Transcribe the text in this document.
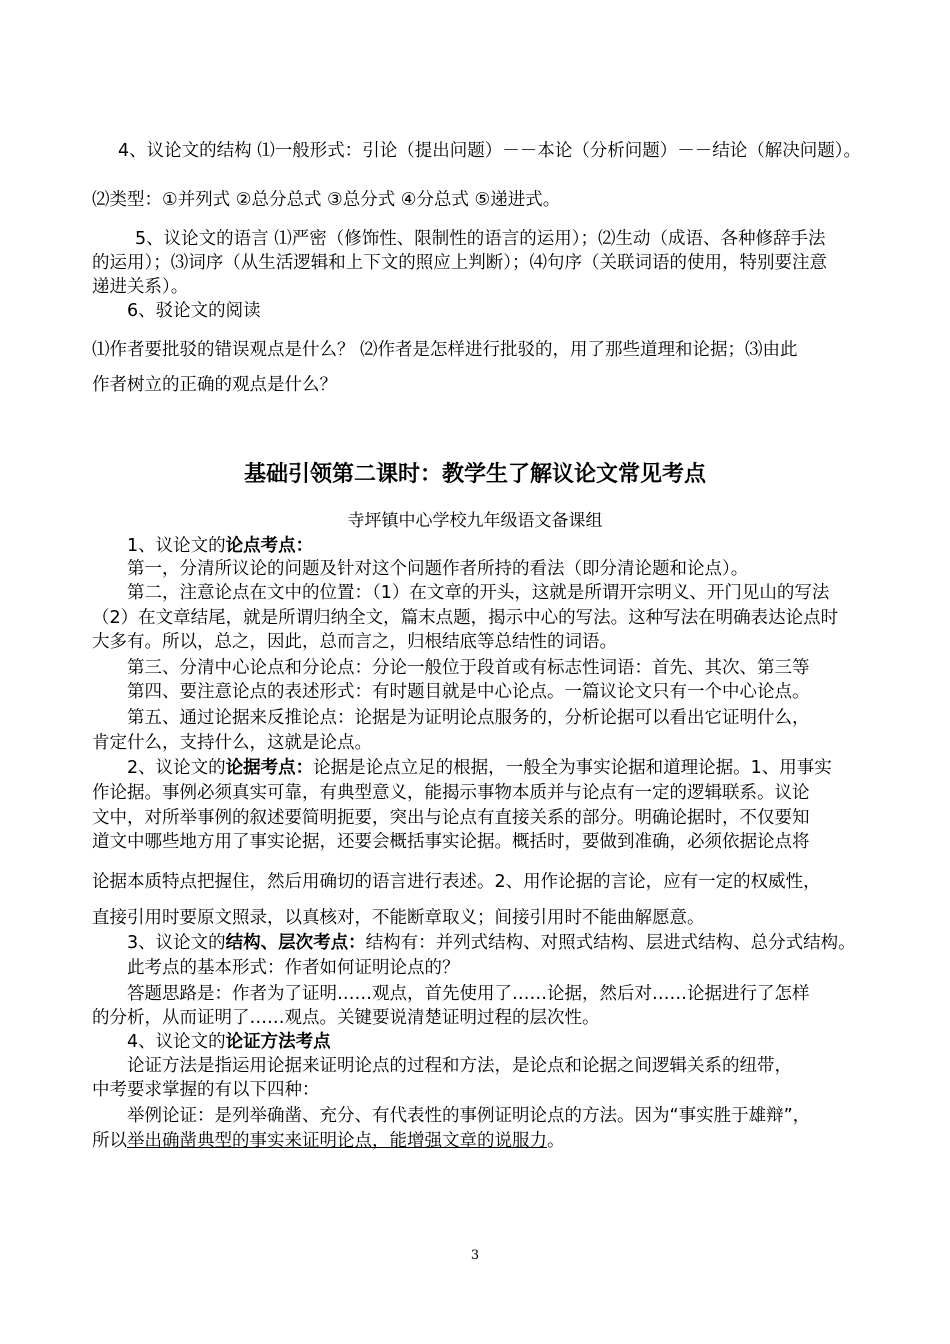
4、议论文的结构 ⑴一般形式：引论（提出问题）－－本论（分析问题）－－结论（解决问题）。
⑵类型：①并列式 ②总分总式 ③总分式 ④分总式 ⑤递进式。
5、议论文的语言 ⑴严密（修饰性、限制性的语言的运用）；⑵生动（成语、各种修辞手法
的运用）；⑶词序（从生活逻辑和上下文的照应上判断）；⑷句序（关联词语的使用，特别要注意
递进关系）。
6、驳论文的阅读
⑴作者要批驳的错误观点是什么？ ⑵作者是怎样进行批驳的，用了那些道理和论据；⑶由此
作者树立的正确的观点是什么？
基础引领第二课时：教学生了解议论文常见考点
寺坪镇中心学校九年级语文备课组
1、议论文的论点考点：
第一，分清所议论的问题及针对这个问题作者所持的看法（即分清论题和论点）。
第二，注意论点在文中的位置：（1）在文章的开头，这就是所谓开宗明义、开门见山的写法
（2）在文章结尾，就是所谓归纳全文，篇末点题，揭示中心的写法。这种写法在明确表达论点时
大多有。所以，总之，因此，总而言之，归根结底等总结性的词语。
第三、分清中心论点和分论点：分论一般位于段首或有标志性词语：首先、其次、第三等
第四、要注意论点的表述形式：有时题目就是中心论点。一篇议论文只有一个中心论点。
第五、通过论据来反推论点：论据是为证明论点服务的，分析论据可以看出它证明什么，
肯定什么，支持什么，这就是论点。
2、议论文的论据考点：论据是论点立足的根据，一般全为事实论据和道理论据。1、用事实
作论据。事例必须真实可靠，有典型意义，能揭示事物本质并与论点有一定的逻辑联系。议论
文中，对所举事例的叙述要简明扼要，突出与论点有直接关系的部分。明确论据时，不仅要知
道文中哪些地方用了事实论据，还要会概括事实论据。概括时，要做到准确，必须依据论点将
论据本质特点把握住，然后用确切的语言进行表述。2、用作论据的言论，应有一定的权威性，
直接引用时要原文照录，以真核对，不能断章取义；间接引用时不能曲解愿意。
3、议论文的结构、层次考点：结构有：并列式结构、对照式结构、层进式结构、总分式结构。
此考点的基本形式：作者如何证明论点的？
答题思路是：作者为了证明……观点，首先使用了……论据，然后对……论据进行了怎样
的分析，从而证明了……观点。关键要说清楚证明过程的层次性。
4、议论文的论证方法考点
论证方法是指运用论据来证明论点的过程和方法，是论点和论据之间逻辑关系的纽带，
中考要求掌握的有以下四种：
举例论证：是列举确凿、充分、有代表性的事例证明论点的方法。因为“事实胜于雄辩”，
所以举出确凿典型的事实来证明论点，能增强文章的说服力。
3
